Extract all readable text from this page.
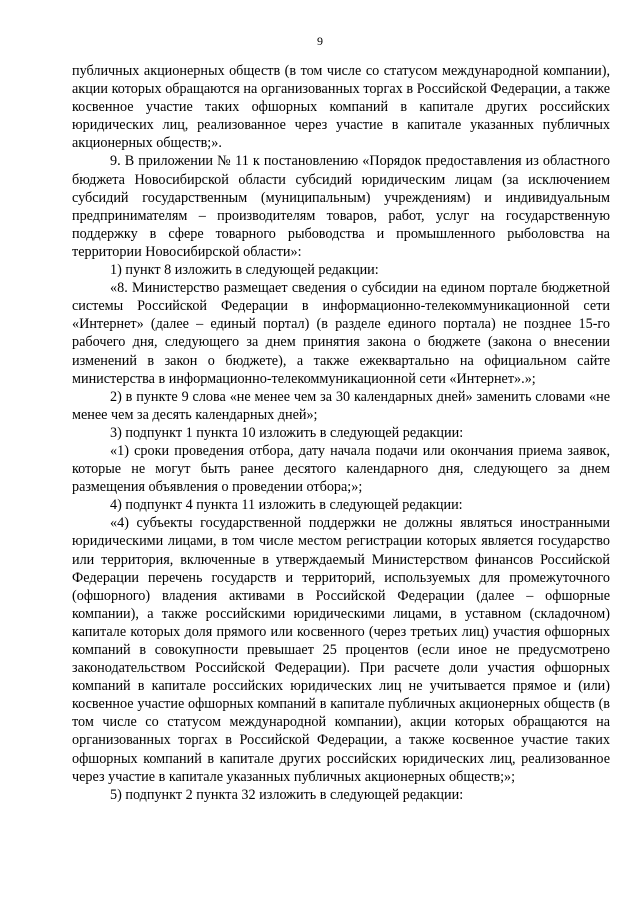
9

публичных акционерных обществ (в том числе со статусом международной компании), акции которых обращаются на организованных торгах в Российской Федерации, а также косвенное участие таких офшорных компаний в капитале других российских юридических лиц, реализованное через участие в капитале указанных публичных акционерных обществ;».

9. В приложении № 11 к постановлению «Порядок предоставления из областного бюджета Новосибирской области субсидий юридическим лицам (за исключением субсидий государственным (муниципальным) учреждениям) и индивидуальным предпринимателям – производителям товаров, работ, услуг на государственную поддержку в сфере товарного рыбоводства и промышленного рыболовства на территории Новосибирской области»:

1) пункт 8 изложить в следующей редакции:

«8. Министерство размещает сведения о субсидии на едином портале бюджетной системы Российской Федерации в информационно-телекоммуникационной сети «Интернет» (далее – единый портал) (в разделе единого портала) не позднее 15-го рабочего дня, следующего за днем принятия закона о бюджете (закона о внесении изменений в закон о бюджете), а также ежеквартально на официальном сайте министерства в информационно-телекоммуникационной сети «Интернет».»;

2) в пункте 9 слова «не менее чем за 30 календарных дней» заменить словами «не менее чем за десять календарных дней»;

3) подпункт 1 пункта 10 изложить в следующей редакции:

«1) сроки проведения отбора, дату начала подачи или окончания приема заявок, которые не могут быть ранее десятого календарного дня, следующего за днем размещения объявления о проведении отбора;»;

4) подпункт 4 пункта 11 изложить в следующей редакции:

«4) субъекты государственной поддержки не должны являться иностранными юридическими лицами, в том числе местом регистрации которых является государство или территория, включенные в утверждаемый Министерством финансов Российской Федерации перечень государств и территорий, используемых для промежуточного (офшорного) владения активами в Российской Федерации (далее – офшорные компании), а также российскими юридическими лицами, в уставном (складочном) капитале которых доля прямого или косвенного (через третьих лиц) участия офшорных компаний в совокупности превышает 25 процентов (если иное не предусмотрено законодательством Российской Федерации). При расчете доли участия офшорных компаний в капитале российских юридических лиц не учитывается прямое и (или) косвенное участие офшорных компаний в капитале публичных акционерных обществ (в том числе со статусом международной компании), акции которых обращаются на организованных торгах в Российской Федерации, а также косвенное участие таких офшорных компаний в капитале других российских юридических лиц, реализованное через участие в капитале указанных публичных акционерных обществ;»;

5) подпункт 2 пункта 32 изложить в следующей редакции:
